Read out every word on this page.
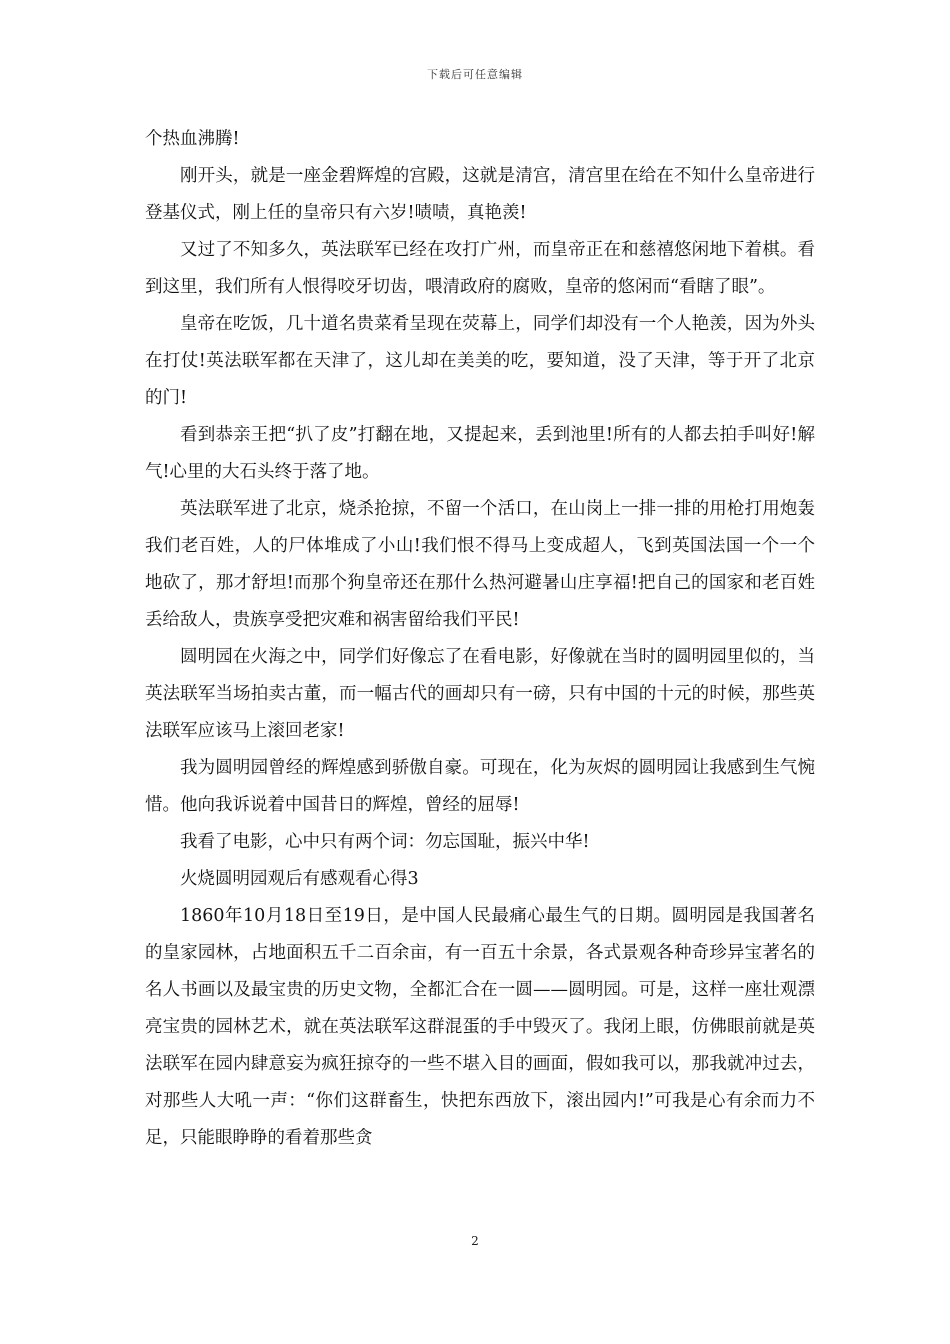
下载后可任意编辑

个热血沸腾!

刚开头，就是一座金碧辉煌的宫殿，这就是清宫，清宫里在给在不知什么皇帝进行登基仪式，刚上任的皇帝只有六岁!啧啧，真艳羡!

又过了不知多久，英法联军已经在攻打广州，而皇帝正在和慈禧悠闲地下着棋。看到这里，我们所有人恨得咬牙切齿，喂清政府的腐败，皇帝的悠闲而“看瞎了眼”。

皇帝在吃饭，几十道名贵菜肴呈现在荧幕上，同学们却没有一个人艳羡，因为外头在打仗!英法联军都在天津了，这儿却在美美的吃，要知道，没了天津，等于开了北京的门!

看到恭亲王把“扒了皮”打翻在地，又提起来，丢到池里!所有的人都去拍手叫好!解气!心里的大石头终于落了地。

英法联军进了北京，烧杀抢掠，不留一个活口，在山岗上一排一排的用枪打用炮轰我们老百姓，人的尸体堆成了小山!我们恨不得马上变成超人，飞到英国法国一个一个地砍了，那才舒坦!而那个狗皇帝还在那什么热河避暑山庄享福!把自己的国家和老百姓丢给敌人，贵族享受把灾难和祸害留给我们平民!

圆明园在火海之中，同学们好像忘了在看电影，好像就在当时的圆明园里似的，当英法联军当场拍卖古董，而一幅古代的画却只有一磅，只有中国的十元的时候，那些英法联军应该马上滚回老家!

我为圆明园曾经的辉煌感到骄傲自豪。可现在，化为灰烬的圆明园让我感到生气惋惜。他向我诉说着中国昔日的辉煌，曾经的屈辱!

我看了电影，心中只有两个词：勿忘国耻，振兴中华!

火烧圆明园观后有感观看心得3

1860年10月18日至19日，是中国人民最痛心最生气的日期。圆明园是我国著名的皇家园林，占地面积五千二百余亩，有一百五十余景，各式景观各种奇珍异宝著名的名人书画以及最宝贵的历史文物，全都汇合在一圆——圆明园。可是，这样一座壮观漂亮宝贵的园林艺术，就在英法联军这群混蛋的手中毁灭了。我闭上眼，仿佛眼前就是英法联军在园内肆意妄为疯狂掠夺的一些不堪入目的画面，假如我可以，那我就冲过去，对那些人大吼一声：“你们这群畜生，快把东西放下，滚出园内!”可我是心有余而力不足，只能眼睁睁的看着那些贪

2
